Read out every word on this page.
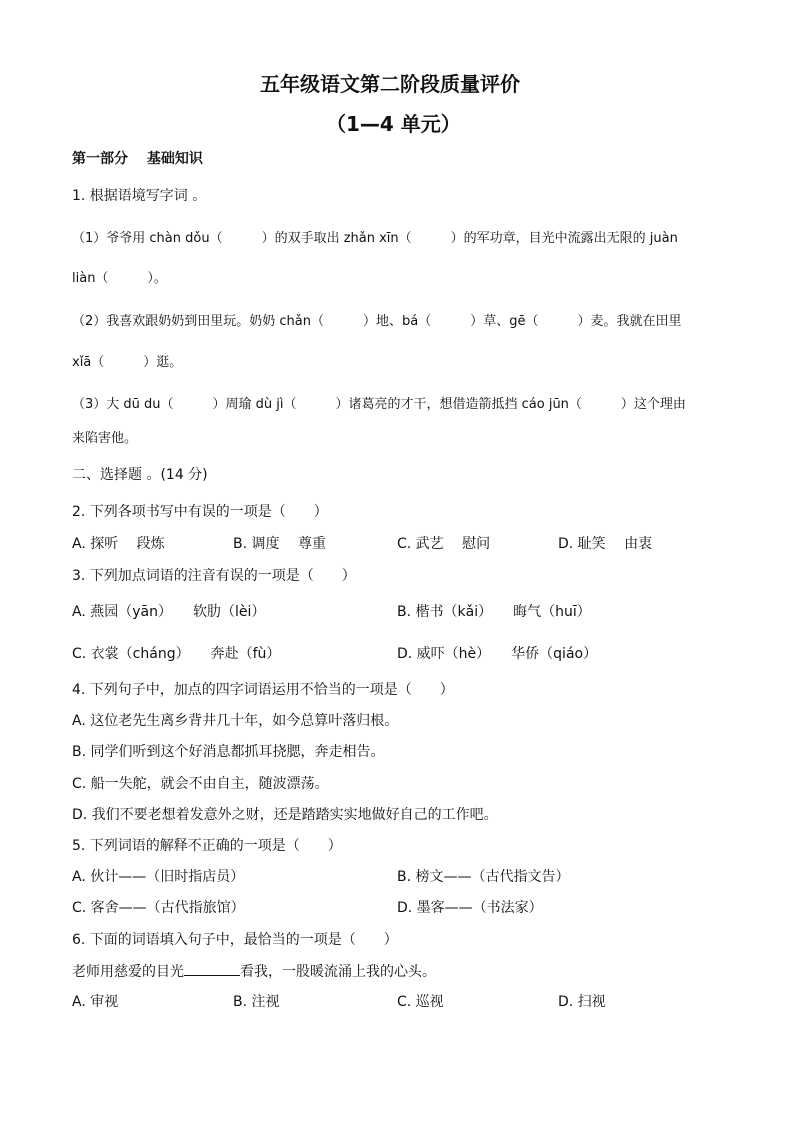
五年级语文第二阶段质量评价
（1—4 单元）
第一部分　 基础知识
1. 根据语境写字词 。
（1）爷爷用 chàn dǒu（　　　）的双手取出 zhǎn xīn（　　　）的军功章，目光中流露出无限的 juàn
liàn（　　　）。
（2）我喜欢跟奶奶到田里玩。奶奶 chǎn（　　　）地、bá（　　　）草、gē（　　　）麦。我就在田里
xǐā（　　　）逛。
（3）大 dū du（　　　）周瑜 dù jì（　　　）诸葛亮的才干，想借造箭抵挡 cáo jūn（　　　）这个理由
来陷害他。
二、选择题 。(14 分)
2. 下列各项书写中有误的一项是（　　）
A. 探听　 段炼	B. 调度　 尊重	C. 武艺　 慰问	D. 耻笑　 由衷
3. 下列加点词语的注音有误的一项是（　　）
A. 燕园（yān）　　软肋（lèi）	B. 楷书（kǎi）　　晦气（huī）
C. 衣裳（cháng）　　奔赴（fù）	D. 威吓（hè）　　华侨（qiáo）
4. 下列句子中，加点的四字词语运用不恰当的一项是（　　）
A. 这位老先生离乡背井几十年，如今总算叶落归根。
B. 同学们听到这个好消息都抓耳挠腮，奔走相告。
C. 船一失舵，就会不由自主，随波漂荡。
D. 我们不要老想着发意外之财，还是踏踏实实地做好自己的工作吧。
5. 下列词语的解释不正确的一项是（　　）
A. 伙计——（旧时指店员）	B. 榜文——（古代指文告）
C. 客舍——（古代指旅馆）	D. 墨客——（书法家）
6. 下面的词语填入句子中，最恰当的一项是（　　）
老师用慈爱的目光	看我，一股暖流涌上我的心头。
A. 审视	B. 注视	C. 巡视	D. 扫视
